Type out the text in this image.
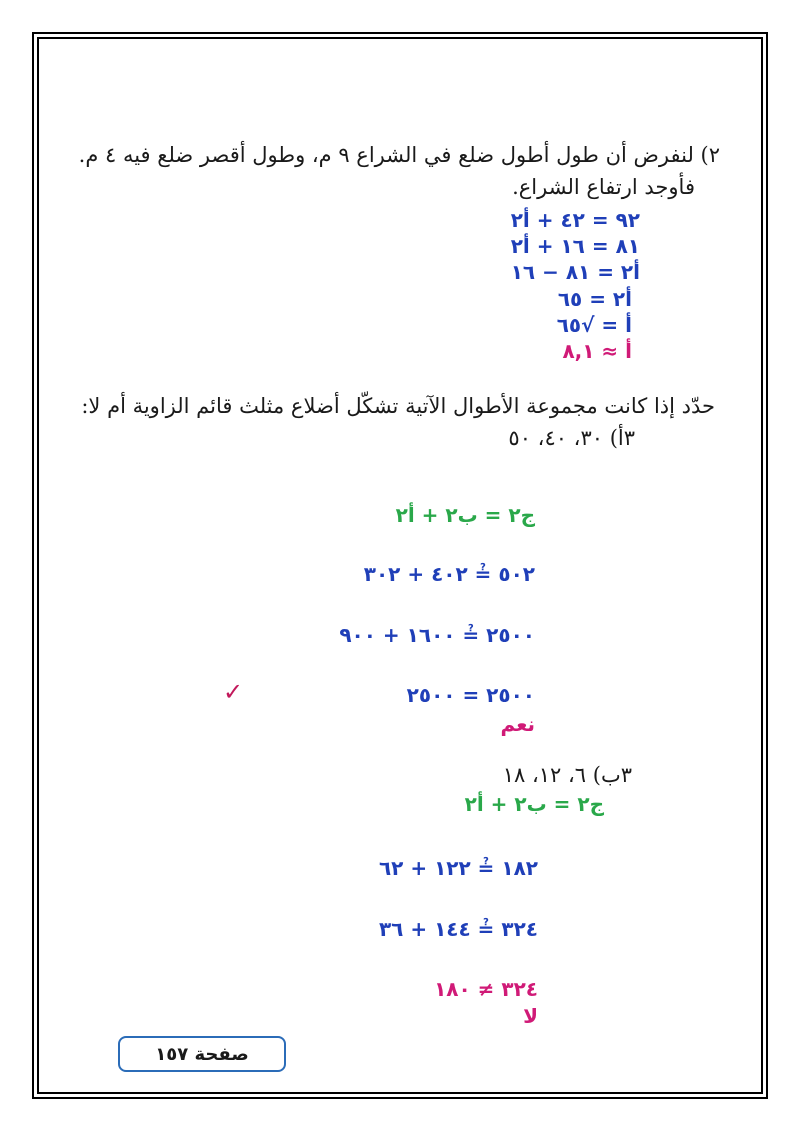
٢) لنفرض أن طول أطول ضلع في الشراع ٩ م، وطول أقصر ضلع فيه ٤ م.
فأوجد ارتفاع الشراع.
٩٢ = ٤٢ + أ٢
٨١ = ١٦ + أ٢
أ٢ = ٨١ − ١٦
أ٢ = ٦٥
أ = √٦٥
أ ≈ ٨,١
حدّد إذا كانت مجموعة الأطوال الآتية تشكّل أضلاع مثلث قائم الزاوية أم لا:
٣أ) ٣٠، ٤٠، ٥٠
ج٢ = ب٢ + أ٢
٥٠٢ ≟ ٤٠٢ + ٣٠٢
٢٥٠٠ ≟ ١٦٠٠ + ٩٠٠
٢٥٠٠ = ٢٥٠٠
✓
نعم
٣ب) ٦، ١٢، ١٨
ج٢ = ب٢ + أ٢
١٨٢ ≟ ١٢٢ + ٦٢
٣٢٤ ≟ ١٤٤ + ٣٦
٣٢٤ ≠ ١٨٠
لا
صفحة ١٥٧
